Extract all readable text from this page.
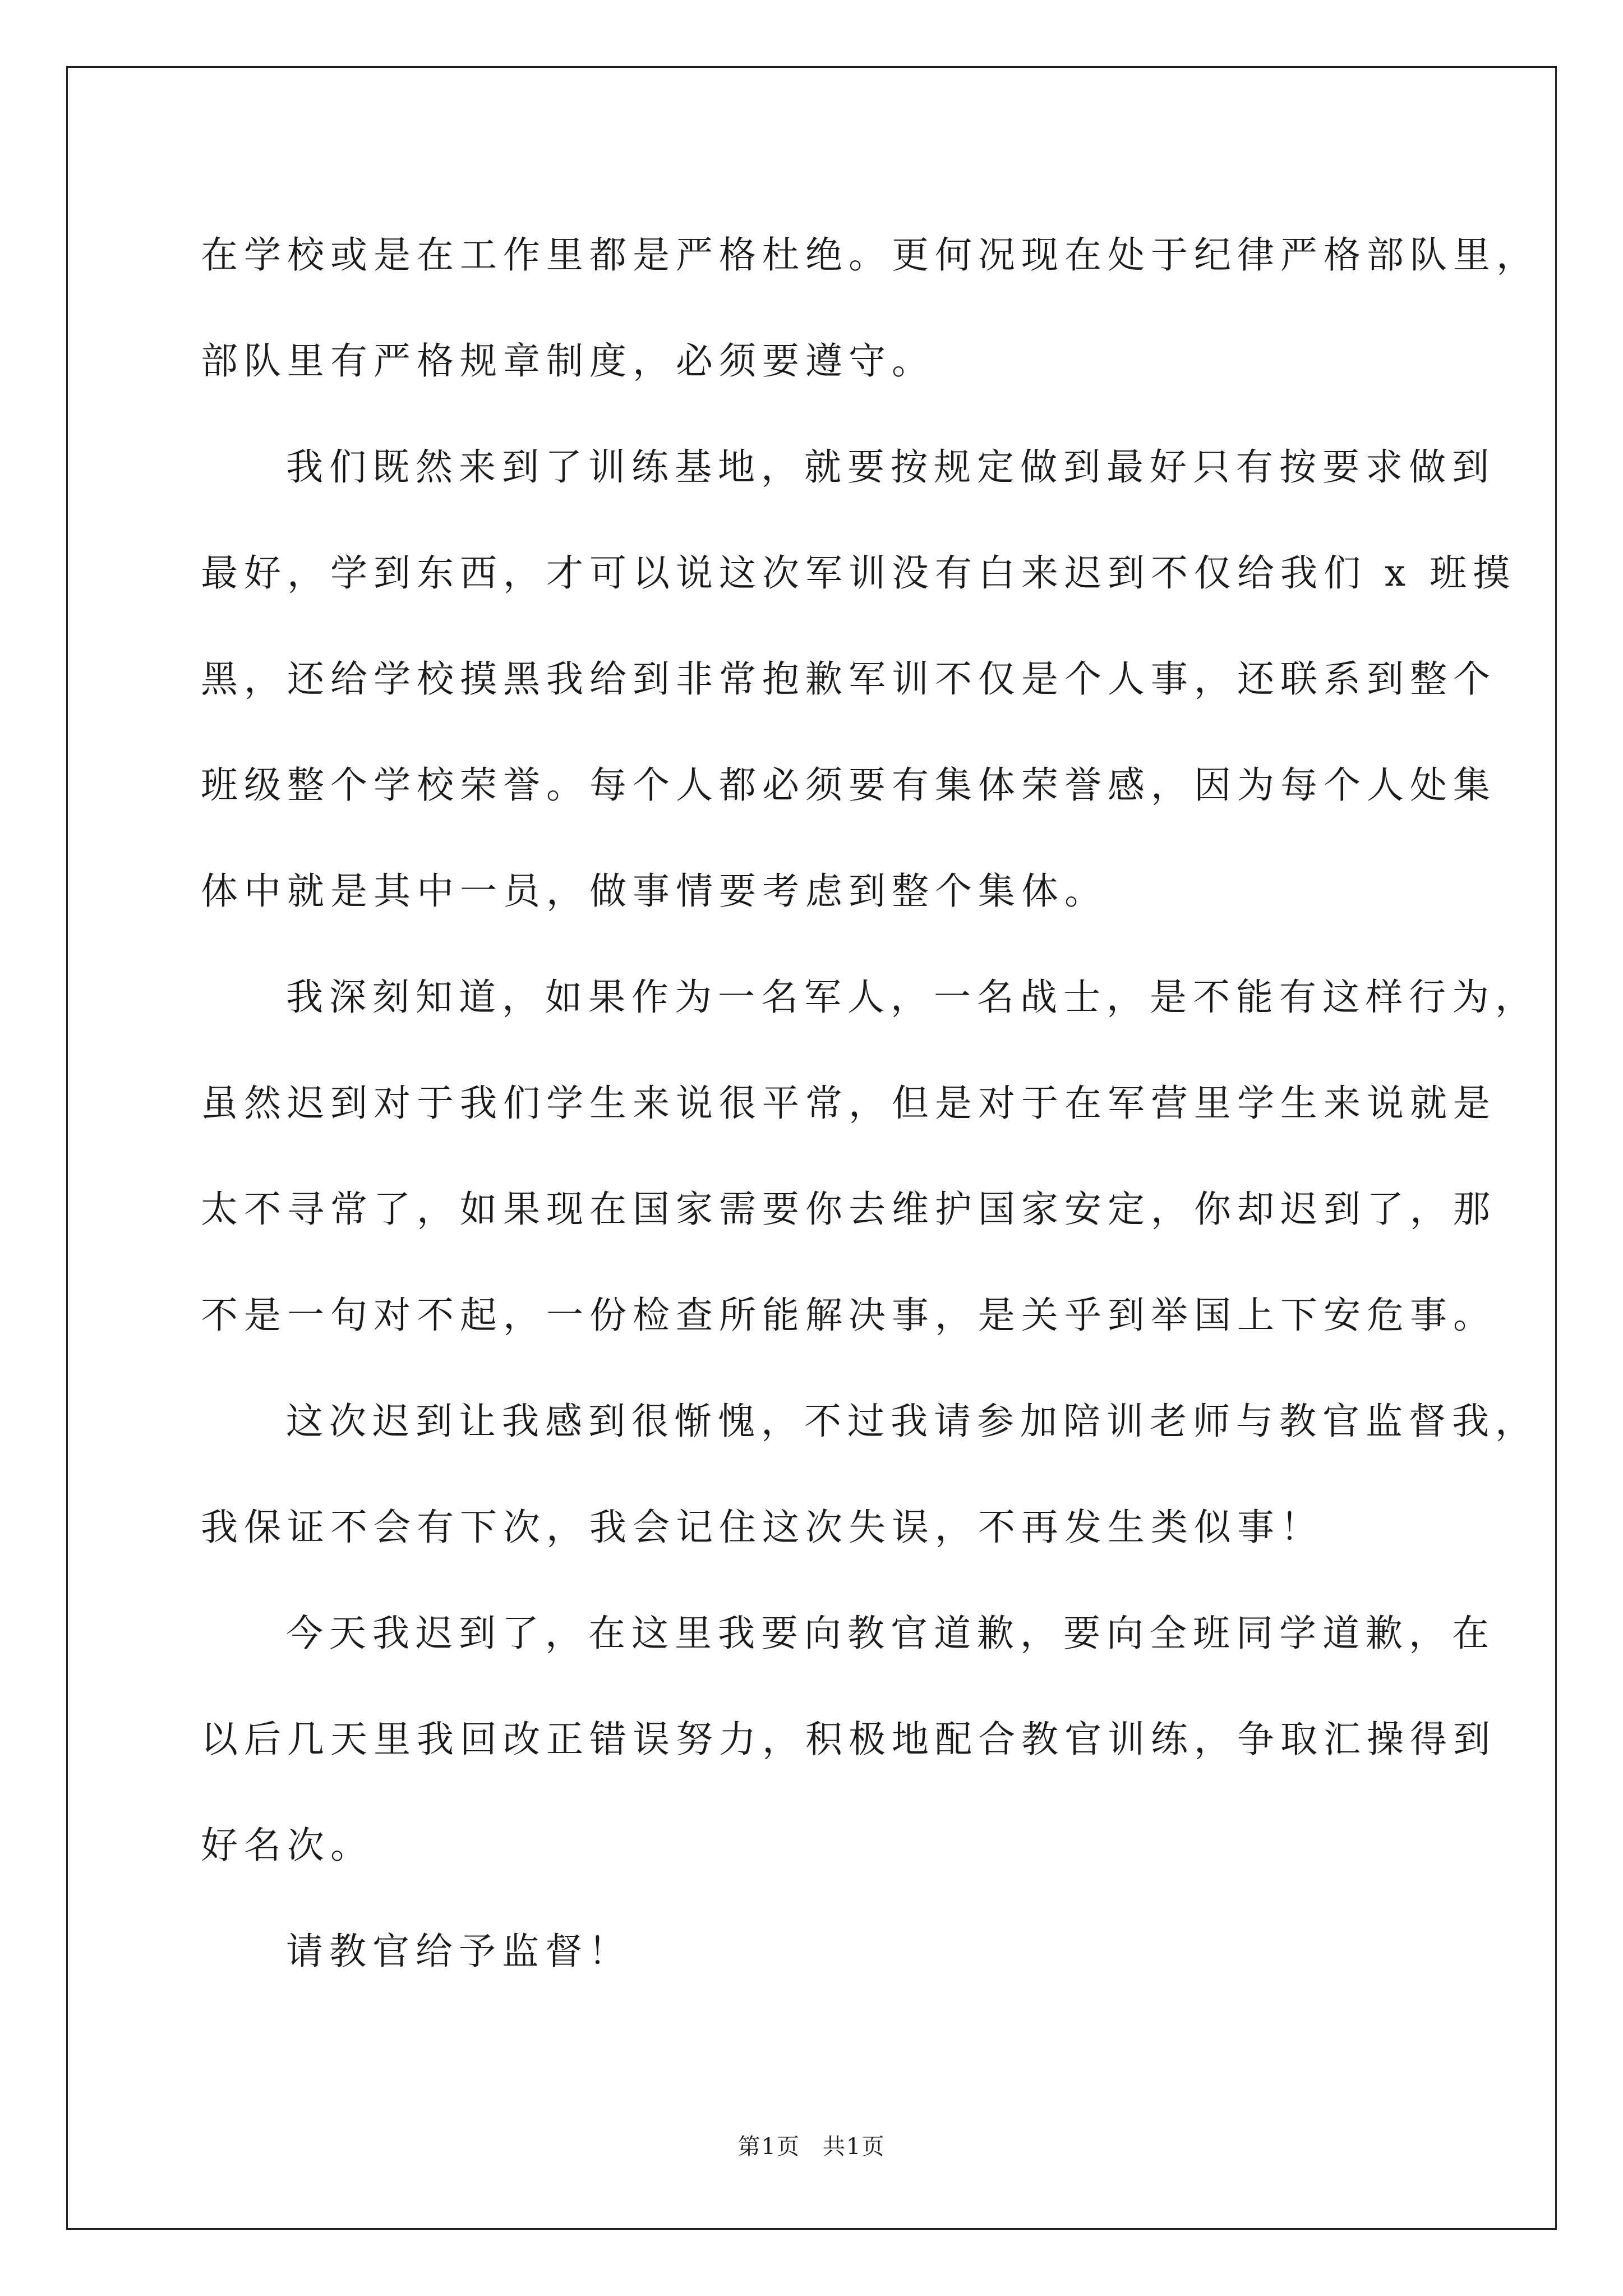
在学校或是在工作里都是严格杜绝。更何况现在处于纪律严格部队里，
部队里有严格规章制度，必须要遵守。
我们既然来到了训练基地，就要按规定做到最好只有按要求做到
最好，学到东西，才可以说这次军训没有白来迟到不仅给我们 x 班摸
黑，还给学校摸黑我给到非常抱歉军训不仅是个人事，还联系到整个
班级整个学校荣誉。每个人都必须要有集体荣誉感，因为每个人处集
体中就是其中一员，做事情要考虑到整个集体。
我深刻知道，如果作为一名军人，一名战士，是不能有这样行为，
虽然迟到对于我们学生来说很平常，但是对于在军营里学生来说就是
太不寻常了，如果现在国家需要你去维护国家安定，你却迟到了，那
不是一句对不起，一份检查所能解决事，是关乎到举国上下安危事。
这次迟到让我感到很惭愧，不过我请参加陪训老师与教官监督我，
我保证不会有下次，我会记住这次失误，不再发生类似事！
今天我迟到了，在这里我要向教官道歉，要向全班同学道歉，在
以后几天里我回改正错误努力，积极地配合教官训练，争取汇操得到
好名次。
请教官给予监督！
第1页 共1页
